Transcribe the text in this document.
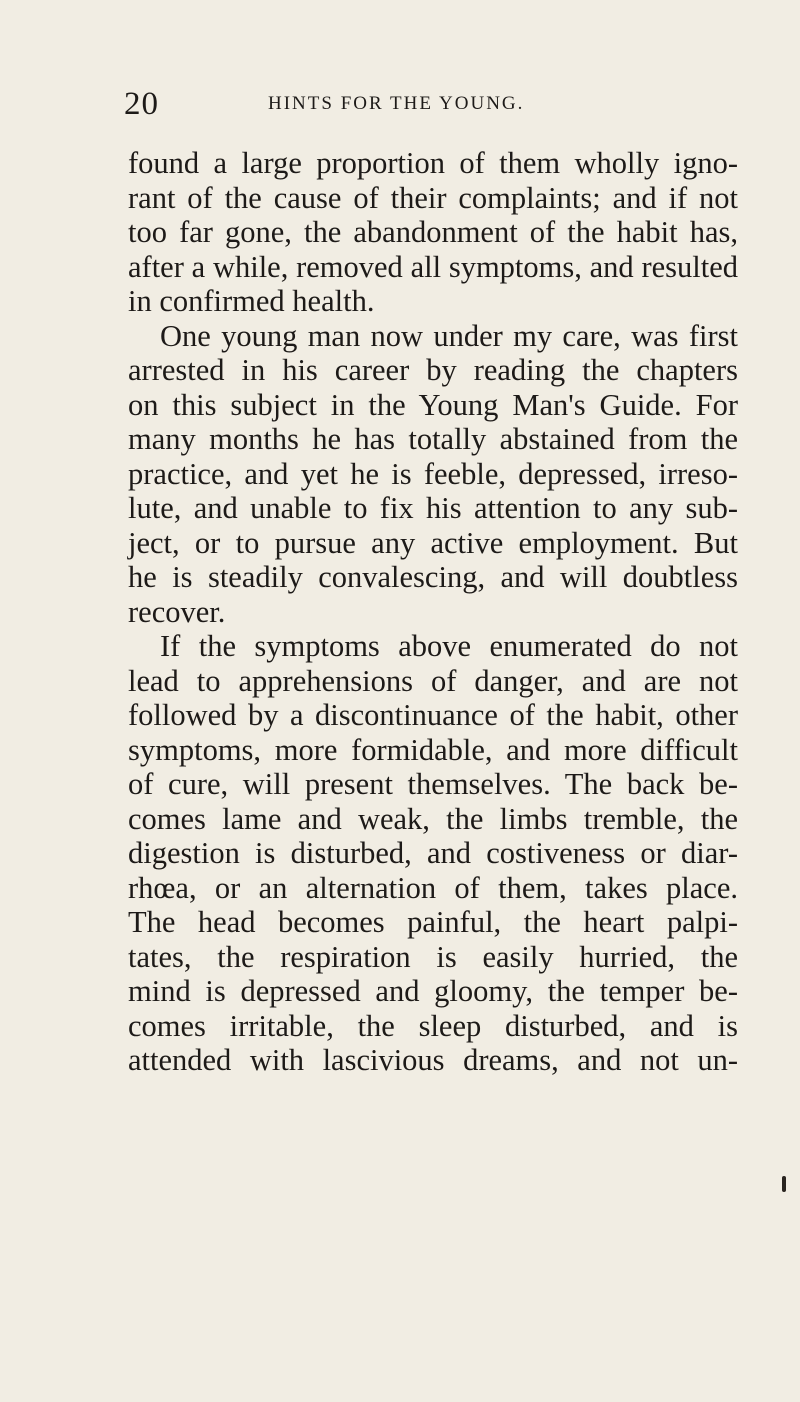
20	HINTS FOR THE YOUNG.
found a large proportion of them wholly igno-
rant of the cause of their complaints; and if not
too far gone, the abandonment of the habit has,
after a while, removed all symptoms, and resulted
in confirmed health.
One young man now under my care, was first
arrested in his career by reading the chapters
on this subject in the Young Man's Guide. For
many months he has totally abstained from the
practice, and yet he is feeble, depressed, irreso-
lute, and unable to fix his attention to any sub-
ject, or to pursue any active employment. But
he is steadily convalescing, and will doubtless
recover.
If the symptoms above enumerated do not
lead to apprehensions of danger, and are not
followed by a discontinuance of the habit, other
symptoms, more formidable, and more difficult
of cure, will present themselves. The back be-
comes lame and weak, the limbs tremble, the
digestion is disturbed, and costiveness or diar-
rhœa, or an alternation of them, takes place.
The head becomes painful, the heart palpi-
tates, the respiration is easily hurried, the
mind is depressed and gloomy, the temper be-
comes irritable, the sleep disturbed, and is
attended with lascivious dreams, and not un-
